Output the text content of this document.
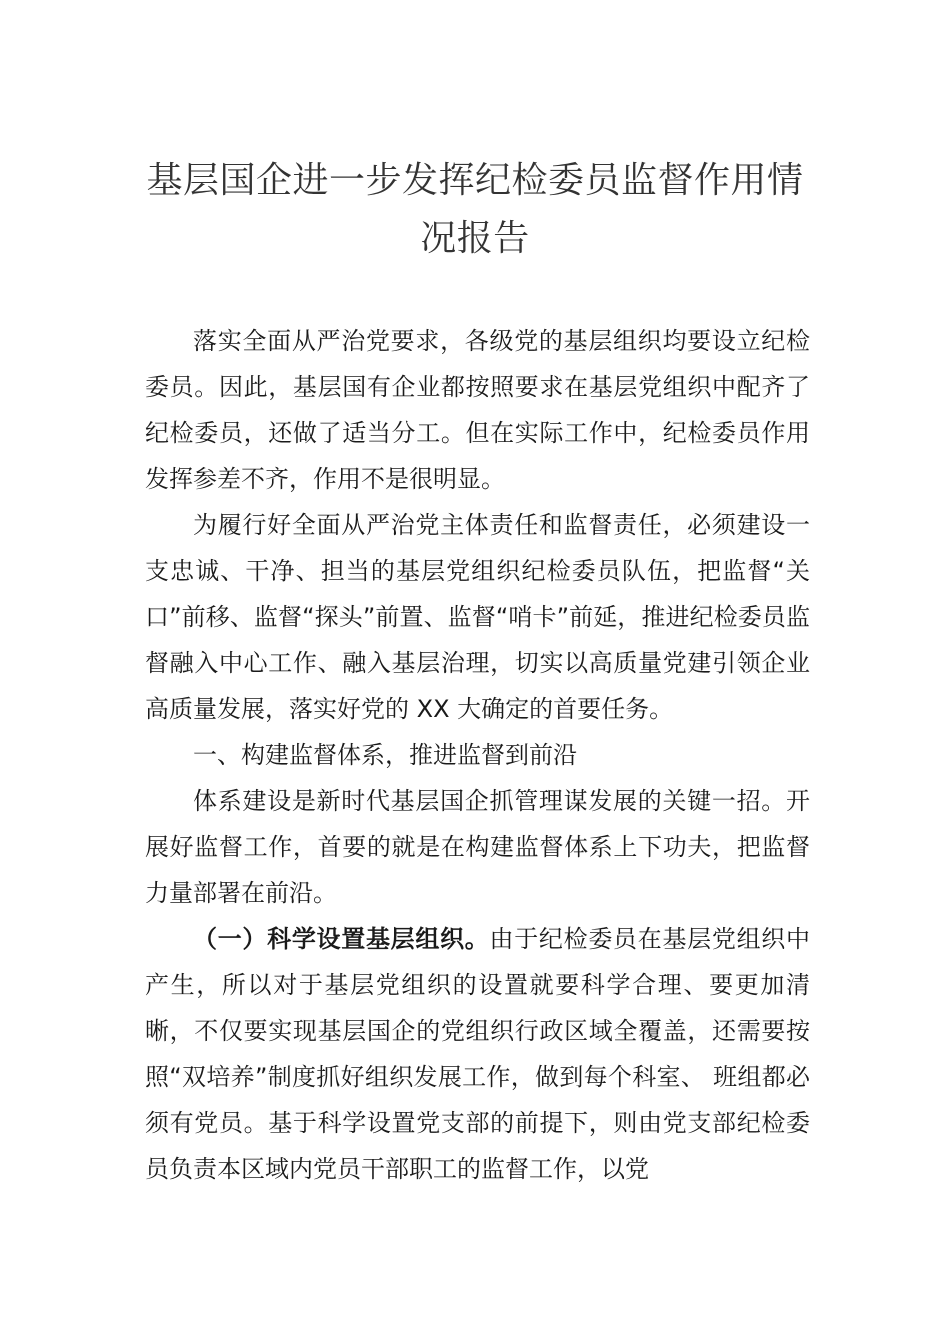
基层国企进一步发挥纪检委员监督作用情况报告

落实全面从严治党要求，各级党的基层组织均要设立纪检委员。因此，基层国有企业都按照要求在基层党组织中配齐了纪检委员，还做了适当分工。但在实际工作中，纪检委员作用发挥参差不齐，作用不是很明显。

为履行好全面从严治党主体责任和监督责任，必须建设一支忠诚、干净、担当的基层党组织纪检委员队伍，把监督“关口”前移、监督“探头”前置、监督“哨卡”前延，推进纪检委员监督融入中心工作、融入基层治理，切实以高质量党建引领企业高质量发展，落实好党的 XX 大确定的首要任务。

一、构建监督体系，推进监督到前沿

体系建设是新时代基层国企抓管理谋发展的关键一招。开展好监督工作，首要的就是在构建监督体系上下功夫，把监督力量部署在前沿。

（一）科学设置基层组织。由于纪检委员在基层党组织中产生，所以对于基层党组织的设置就要科学合理、要更加清晰，不仅要实现基层国企的党组织行政区域全覆盖，还需要按照“双培养”制度抓好组织发展工作，做到每个科室、 班组都必须有党员。基于科学设置党支部的前提下，则由党支部纪检委员负责本区域内党员干部职工的监督工作，以党
